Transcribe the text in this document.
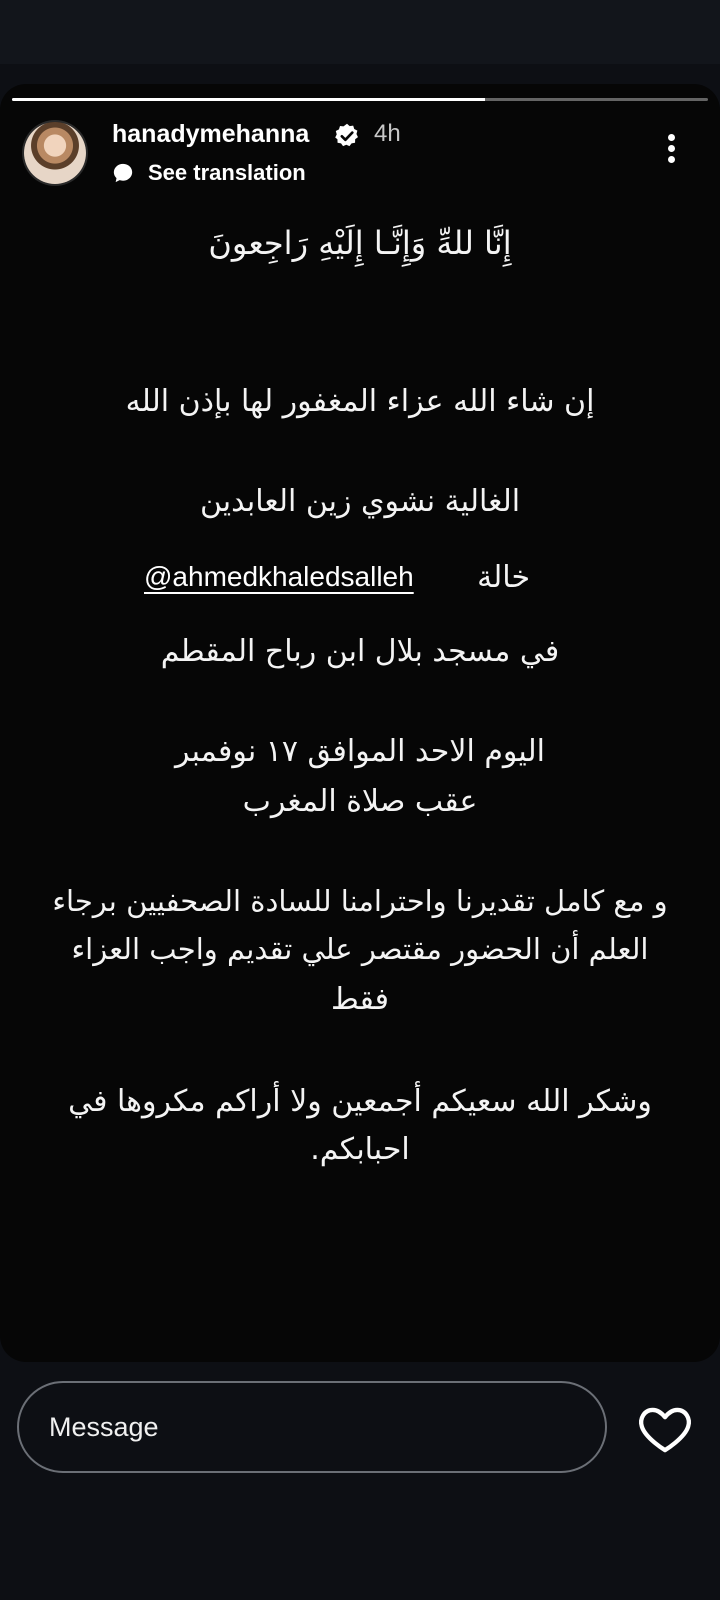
hanadymehanna	4h
See translation
إِنَّا للهِّ وَإِنَّـا إِلَيْهِ رَاجِعونَ
إن شاء الله عزاء المغفور لها بإذن الله
الغالية نشوي زين العابدين
خالة
@ahmedkhaledsalleh
في مسجد بلال ابن رباح المقطم
اليوم الاحد الموافق ١٧ نوفمبر
عقب صلاة المغرب
و مع كامل تقديرنا واحترامنا للسادة الصحفيين برجاء
العلم أن الحضور مقتصر علي تقديم واجب العزاء
فقط
وشكر الله سعيكم أجمعين ولا أراكم مكروها في
احبابكم.
Message
